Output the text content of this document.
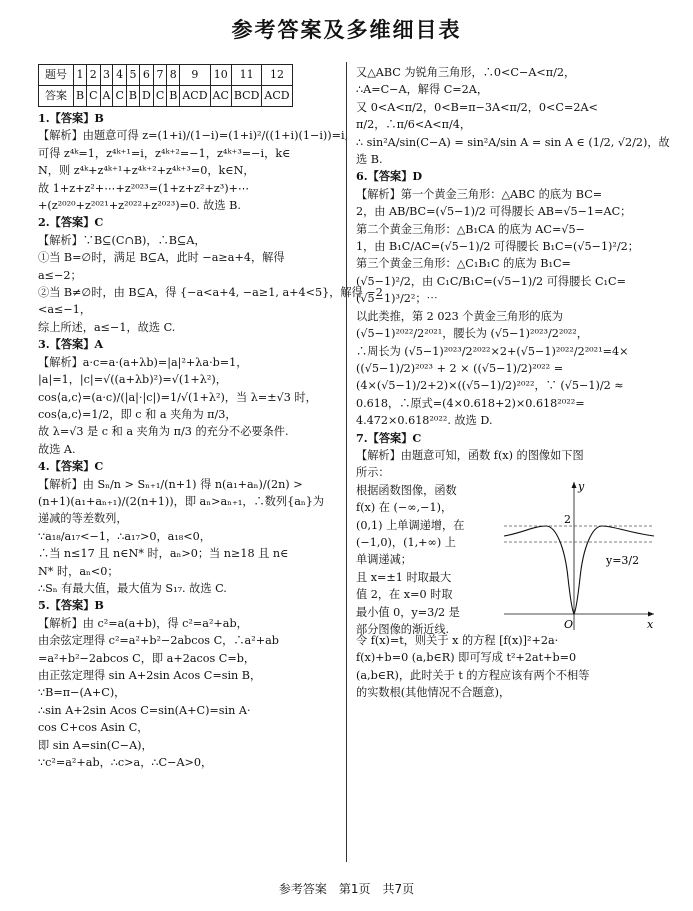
参考答案及多维细目表
题号	1	2	3	4	5	6	7	8	9	10	11	12
答案	B	C	A	C	B	D	C	B	ACD	AC	BCD	ACD
1.【答案】B
【解析】由题意可得 z=(1+i)/(1−i)=(1+i)²/((1+i)(1−i))=i,
可得 z⁴ᵏ=1，z⁴ᵏ⁺¹=i，z⁴ᵏ⁺²=−1，z⁴ᵏ⁺³=−i，k∈
N，则 z⁴ᵏ+z⁴ᵏ⁺¹+z⁴ᵏ⁺²+z⁴ᵏ⁺³=0，k∈N，
故 1+z+z²+⋯+z²⁰²³=(1+z+z²+z³)+⋯
+(z²⁰²⁰+z²⁰²¹+z²⁰²²+z²⁰²³)=0. 故选 B.
2.【答案】C
【解析】∵B⊆(C∩B)，∴B⊆A，
①当 B=∅时，满足 B⊆A，此时 −a≥a+4，解得
a≤−2；
②当 B≠∅时，由 B⊆A，得 {−a<a+4, −a≥1, a+4<5}，解得 −2
<a≤−1，
综上所述，a≤−1，故选 C.
3.【答案】A
【解析】a·c=a·(a+λb)=|a|²+λa·b=1，
|a|=1，|c|=√((a+λb)²)=√(1+λ²)，
cos⟨a,c⟩=(a·c)/(|a|·|c|)=1/√(1+λ²)，当 λ=±√3 时，
cos⟨a,c⟩=1/2，即 c 和 a 夹角为 π/3，
故 λ=√3 是 c 和 a 夹角为 π/3 的充分不必要条件.
故选 A.
4.【答案】C
【解析】由 Sₙ/n > Sₙ₊₁/(n+1) 得 n(a₁+aₙ)/(2n) >
(n+1)(a₁+aₙ₊₁)/(2(n+1))，即 aₙ>aₙ₊₁，∴数列{aₙ}为
递减的等差数列，
∵a₁₈/a₁₇<−1，∴a₁₇>0，a₁₈<0，
∴当 n≤17 且 n∈N* 时，aₙ>0；当 n≥18 且 n∈
N* 时，aₙ<0；
∴Sₙ 有最大值，最大值为 S₁₇. 故选 C.
5.【答案】B
【解析】由 c²=a(a+b)，得 c²=a²+ab，
由余弦定理得 c²=a²+b²−2abcos C，∴a²+ab
=a²+b²−2abcos C，即 a+2acos C=b，
由正弦定理得 sin A+2sin Acos C=sin B，
∵B=π−(A+C)，
∴sin A+2sin Acos C=sin(A+C)=sin A·
cos C+cos Asin C，
即 sin A=sin(C−A)，
∵c²=a²+ab，∴c>a，∴C−A>0，
又△ABC 为锐角三角形，∴0<C−A<π/2，
∴A=C−A，解得 C=2A，
又 0<A<π/2，0<B=π−3A<π/2，0<C=2A<
π/2，∴π/6<A<π/4，
∴ sin²A/sin(C−A) = sin²A/sin A = sin A ∈ (1/2, √2/2)，故
选 B.
6.【答案】D
【解析】第一个黄金三角形：△ABC 的底为 BC=
2，由 AB/BC=(√5−1)/2 可得腰长 AB=√5−1=AC；
第二个黄金三角形：△B₁CA 的底为 AC=√5−
1，由 B₁C/AC=(√5−1)/2 可得腰长 B₁C=(√5−1)²/2；
第三个黄金三角形：△C₁B₁C 的底为 B₁C=
(√5−1)²/2，由 C₁C/B₁C=(√5−1)/2 可得腰长 C₁C=
(√5−1)³/2²；⋯
以此类推，第 2 023 个黄金三角形的底为
(√5−1)²⁰²²/2²⁰²¹，腰长为 (√5−1)²⁰²³/2²⁰²²，
∴周长为 (√5−1)²⁰²³/2²⁰²²×2+(√5−1)²⁰²²/2²⁰²¹=4×
((√5−1)/2)²⁰²³ + 2 × ((√5−1)/2)²⁰²² =
(4×(√5−1)/2+2)×((√5−1)/2)²⁰²²，∵ (√5−1)/2 ≈
0.618，∴原式=(4×0.618+2)×0.618²⁰²²=
4.472×0.618²⁰²². 故选 D.
7.【答案】C
【解析】由题意可知，函数 f(x) 的图像如下图
所示：
根据函数图像，函数
f(x) 在 (−∞,−1)，
(0,1) 上单调递增，在
(−1,0)，(1,+∞) 上
单调递减；
且 x=±1 时取最大
值 2，在 x=0 时取
最小值 0，y=3/2 是
部分图像的渐近线.
y
x
O
2
y=3/2
令 f(x)=t，则关于 x 的方程 [f(x)]²+2a·
f(x)+b=0 (a,b∈R) 即可写成 t²+2at+b=0
(a,b∈R)，此时关于 t 的方程应该有两个不相等
的实数根(其他情况不合题意)，
参考答案　第1页　共7页
